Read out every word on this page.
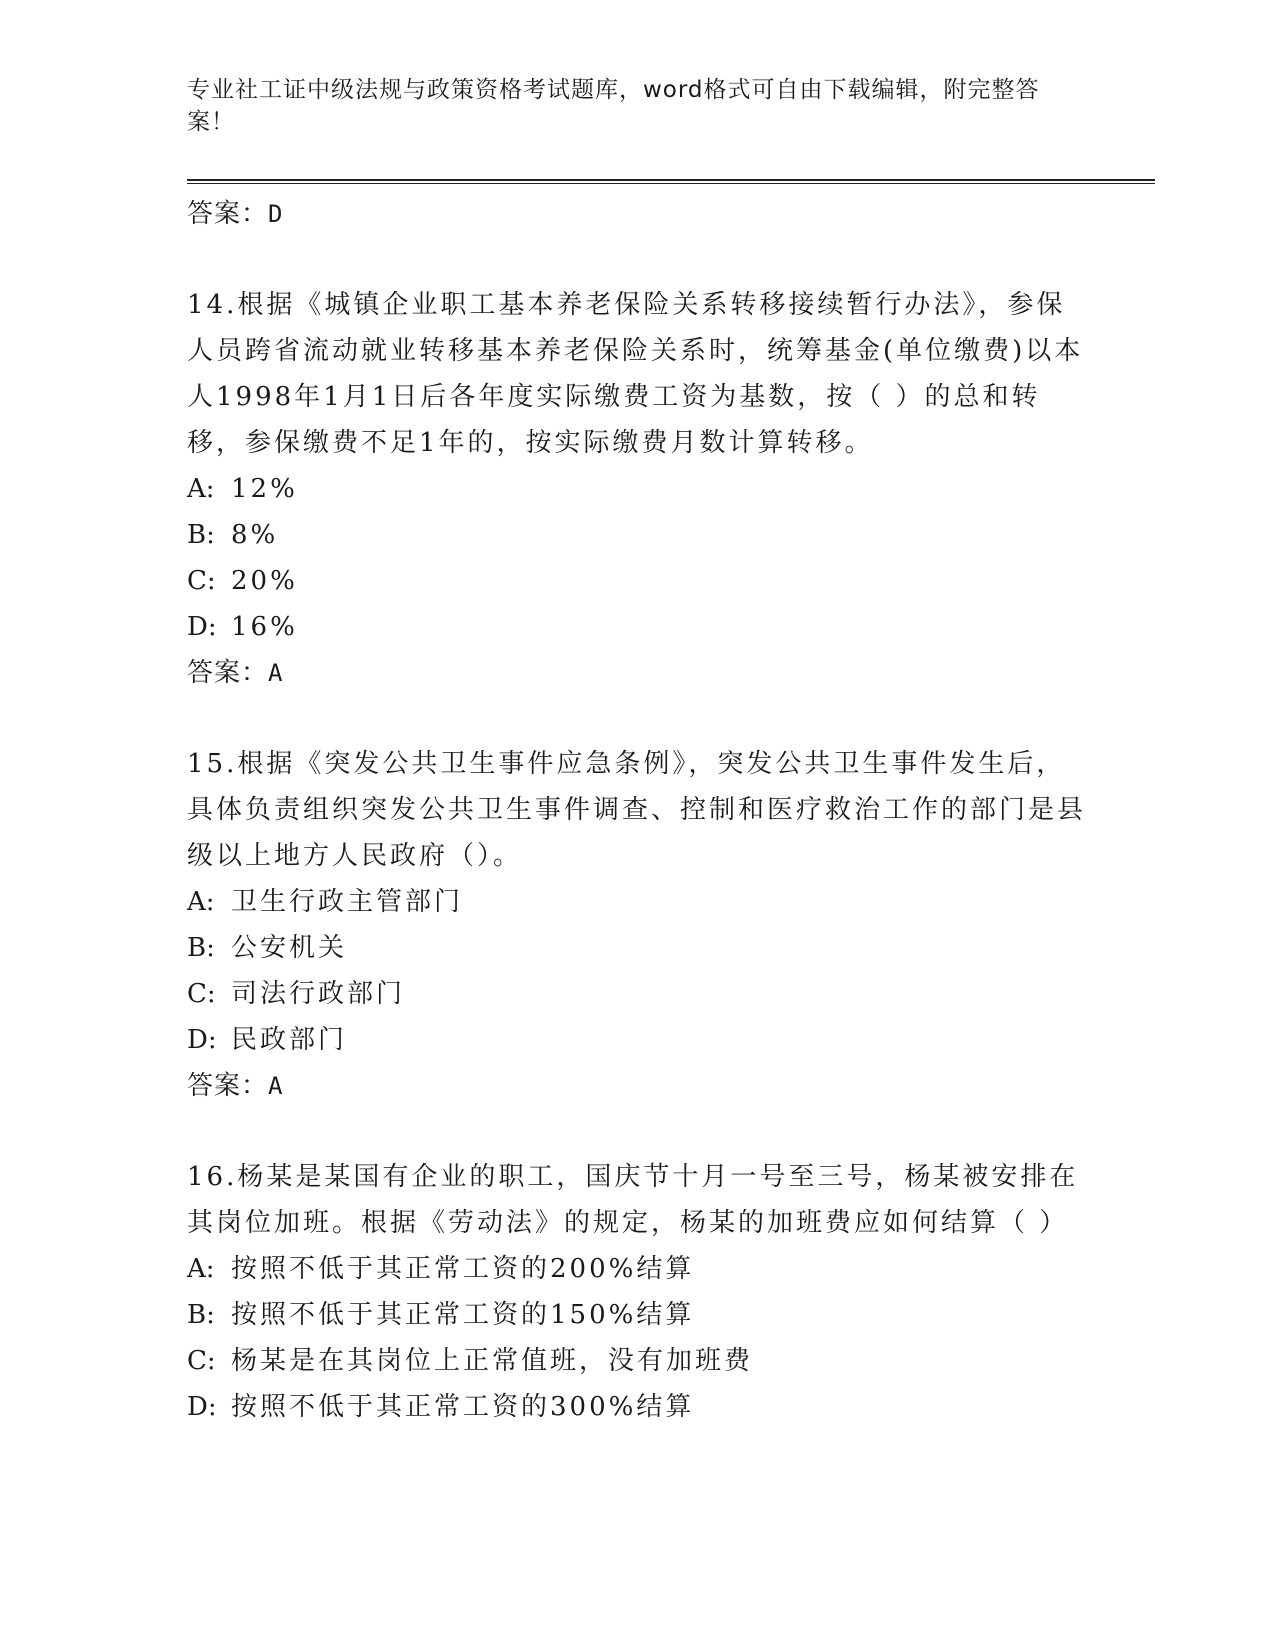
专业社工证中级法规与政策资格考试题库，word格式可自由下载编辑，附完整答案！
答案：D
14.根据《城镇企业职工基本养老保险关系转移接续暂行办法》，参保人员跨省流动就业转移基本养老保险关系时，统筹基金(单位缴费)以本人1998年1月1日后各年度实际缴费工资为基数，按（ ）的总和转移，参保缴费不足1年的，按实际缴费月数计算转移。
A: 12%
B: 8%
C: 20%
D: 16%
答案：A
15.根据《突发公共卫生事件应急条例》，突发公共卫生事件发生后，具体负责组织突发公共卫生事件调查、控制和医疗救治工作的部门是县级以上地方人民政府（）。
A: 卫生行政主管部门
B: 公安机关
C: 司法行政部门
D: 民政部门
答案：A
16.杨某是某国有企业的职工，国庆节十月一号至三号，杨某被安排在其岗位加班。根据《劳动法》的规定，杨某的加班费应如何结算（ ）
A: 按照不低于其正常工资的200%结算
B: 按照不低于其正常工资的150%结算
C: 杨某是在其岗位上正常值班，没有加班费
D: 按照不低于其正常工资的300%结算
